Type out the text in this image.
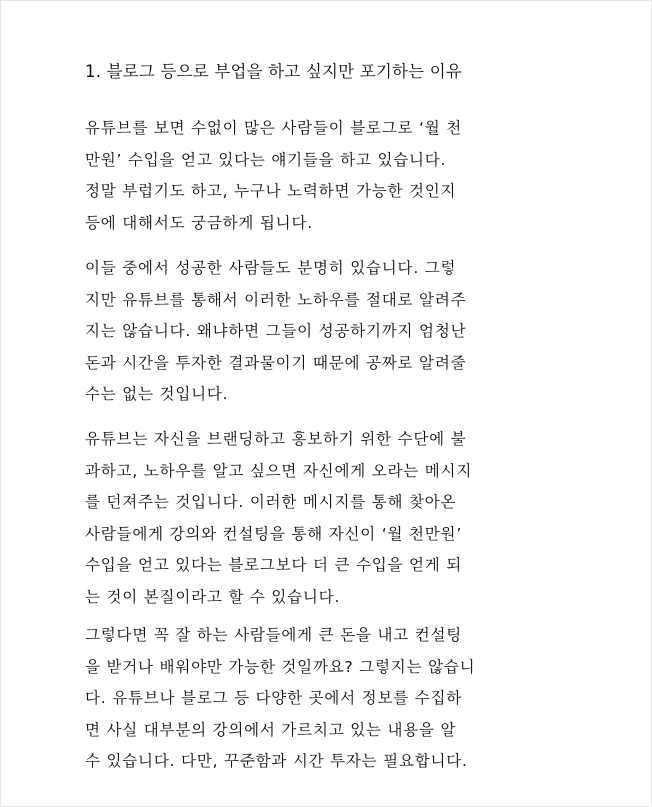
1. 블로그 등으로 부업을 하고 싶지만 포기하는 이유
유튜브를 보면 수없이 많은 사람들이 블로그로 ‘월 천
만원’ 수입을 얻고 있다는 얘기들을 하고 있습니다.
정말 부럽기도 하고, 누구나 노력하면 가능한 것인지
등에 대해서도 궁금하게 됩니다.
이들 중에서 성공한 사람들도 분명히 있습니다. 그렇
지만 유튜브를 통해서 이러한 노하우를 절대로 알려주
지는 않습니다. 왜냐하면 그들이 성공하기까지 엄청난
돈과 시간을 투자한 결과물이기 때문에 공짜로 알려줄
수는 없는 것입니다.
유튜브는 자신을 브랜딩하고 홍보하기 위한 수단에 불
과하고, 노하우를 알고 싶으면 자신에게 오라는 메시지
를 던져주는 것입니다. 이러한 메시지를 통해 찾아온
사람들에게 강의와 컨설팅을 통해 자신이 ‘월 천만원’
수입을 얻고 있다는 블로그보다 더 큰 수입을 얻게 되
는 것이 본질이라고 할 수 있습니다.
그렇다면 꼭 잘 하는 사람들에게 큰 돈을 내고 컨설팅
을 받거나 배워야만 가능한 것일까요? 그렇지는 않습니
다. 유튜브나 블로그 등 다양한 곳에서 정보를 수집하
면 사실 대부분의 강의에서 가르치고 있는 내용을 알
수 있습니다. 다만, 꾸준함과 시간 투자는 필요합니다.
